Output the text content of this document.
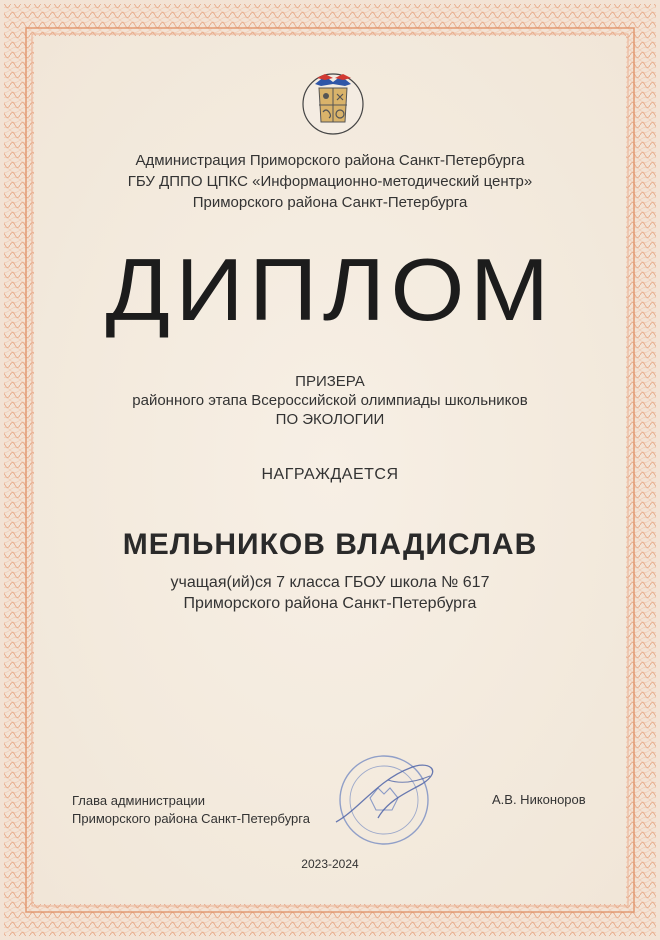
Администрация Приморского района Санкт-Петербурга
ГБУ ДППО ЦПКС «Информационно-методический центр»
Приморского района Санкт-Петербурга
ДИПЛОМ
ПРИЗЕРА
районного этапа Всероссийской олимпиады школьников
ПО ЭКОЛОГИИ
НАГРАЖДАЕТСЯ
МЕЛЬНИКОВ ВЛАДИСЛАВ
учащая(ий)ся 7 класса ГБОУ школа № 617
Приморского района Санкт-Петербурга
Глава администрации
Приморского района Санкт-Петербурга
А.В. Никоноров
2023-2024
